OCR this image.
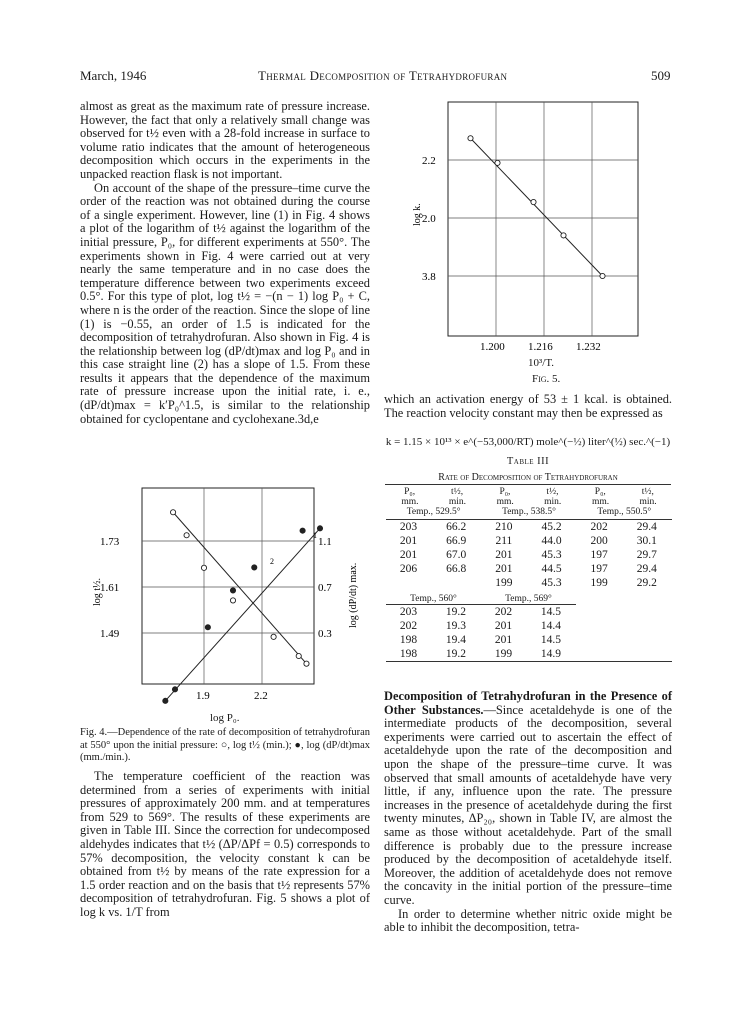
March, 1946	Thermal Decomposition of Tetrahydrofuran	509

almost as great as the maximum rate of pressure increase. However, the fact that only a relatively small change was observed for t½ even with a 28-fold increase in surface to volume ratio indicates that the amount of heterogeneous decomposition which occurs in the experiments in the unpacked reaction flask is not important.

On account of the shape of the pressure–time curve the order of the reaction was not obtained during the course of a single experiment. However, line (1) in Fig. 4 shows a plot of the logarithm of t½ against the logarithm of the initial pressure, P₀, for different experiments at 550°. The experiments shown in Fig. 4 were carried out at very nearly the same temperature and in no case does the temperature difference between two experiments exceed 0.5°. For this type of plot, log t½ = −(n − 1) log P₀ + C, where n is the order of the reaction. Since the slope of line (1) is −0.55, an order of 1.5 is indicated for the decomposition of tetrahydrofuran. Also shown in Fig. 4 is the relationship between log (dP/dt)max and log P₀ and in this case straight line (2) has a slope of 1.5. From these results it appears that the dependence of the maximum rate of pressure increase upon the initial rate, i. e., (dP/dt)max = k′P₀^1.5, is similar to the relationship obtained for cyclopentane and cyclohexane.3d,e

1.73
1.61
1.49
1.1
0.7
0.3
1.9	2.2
1
2
log t½.	log (dP/dt) max.
log P₀.
Fig. 4.—Dependence of the rate of decomposition of tetrahydrofuran at 550° upon the initial pressure: ○, log t½ (min.); ●, log (dP/dt)max (mm./min.).

The temperature coefficient of the reaction was determined from a series of experiments with initial pressures of approximately 200 mm. and at temperatures from 529 to 569°. The results of these experiments are given in Table III. Since the correction for undecomposed aldehydes indicates that t½ (ΔP/ΔPf = 0.5) corresponds to 57% decomposition, the velocity constant k can be obtained from t½ by means of the rate expression for a 1.5 order reaction and on the basis that t½ represents 57% decomposition of tetrahydrofuran. Fig. 5 shows a plot of log k vs. 1/T from

2.2
2.0
3.8
log k.
1.200 1.216 1.232
10³/T.
Fig. 5.

which an activation energy of 53 ± 1 kcal. is obtained. The reaction velocity constant may then be expressed as

k = 1.15 × 10¹³ × e^(−53,000/RT) mole^(−½) liter^(½) sec.^(−1)
Table III
Rate of Decomposition of Tetrahydrofuran
P₀,	t½,
mm.	min.
Temp., 529.5°
P₀,	t½,
mm.	min.
Temp., 538.5°
P₀,	t½,
mm.	min.
Temp., 550.5°
203	66.2	210	45.2	202	29.4
201	66.9	211	44.0	200	30.1
201	67.0	201	45.3	197	29.7
206	66.8	201	44.5	197	29.4
		199	45.3	199	29.2
Temp., 560°	Temp., 569°
203	19.2	202	14.5
202	19.3	201	14.4
198	19.4	201	14.5
198	19.2	199	14.9

Decomposition of Tetrahydrofuran in the Presence of Other Substances.—Since acetaldehyde is one of the intermediate products of the decomposition, several experiments were carried out to ascertain the effect of acetaldehyde upon the rate of the decomposition and upon the shape of the pressure–time curve. It was observed that small amounts of acetaldehyde have very little, if any, influence upon the rate. The pressure increases in the presence of acetaldehyde during the first twenty minutes, ΔP₂₀, shown in Table IV, are almost the same as those without acetaldehyde. Part of the small difference is probably due to the pressure increase produced by the decomposition of acetaldehyde itself. Moreover, the addition of acetaldehyde does not remove the concavity in the initial portion of the pressure–time curve.

In order to determine whether nitric oxide might be able to inhibit the decomposition, tetra-
